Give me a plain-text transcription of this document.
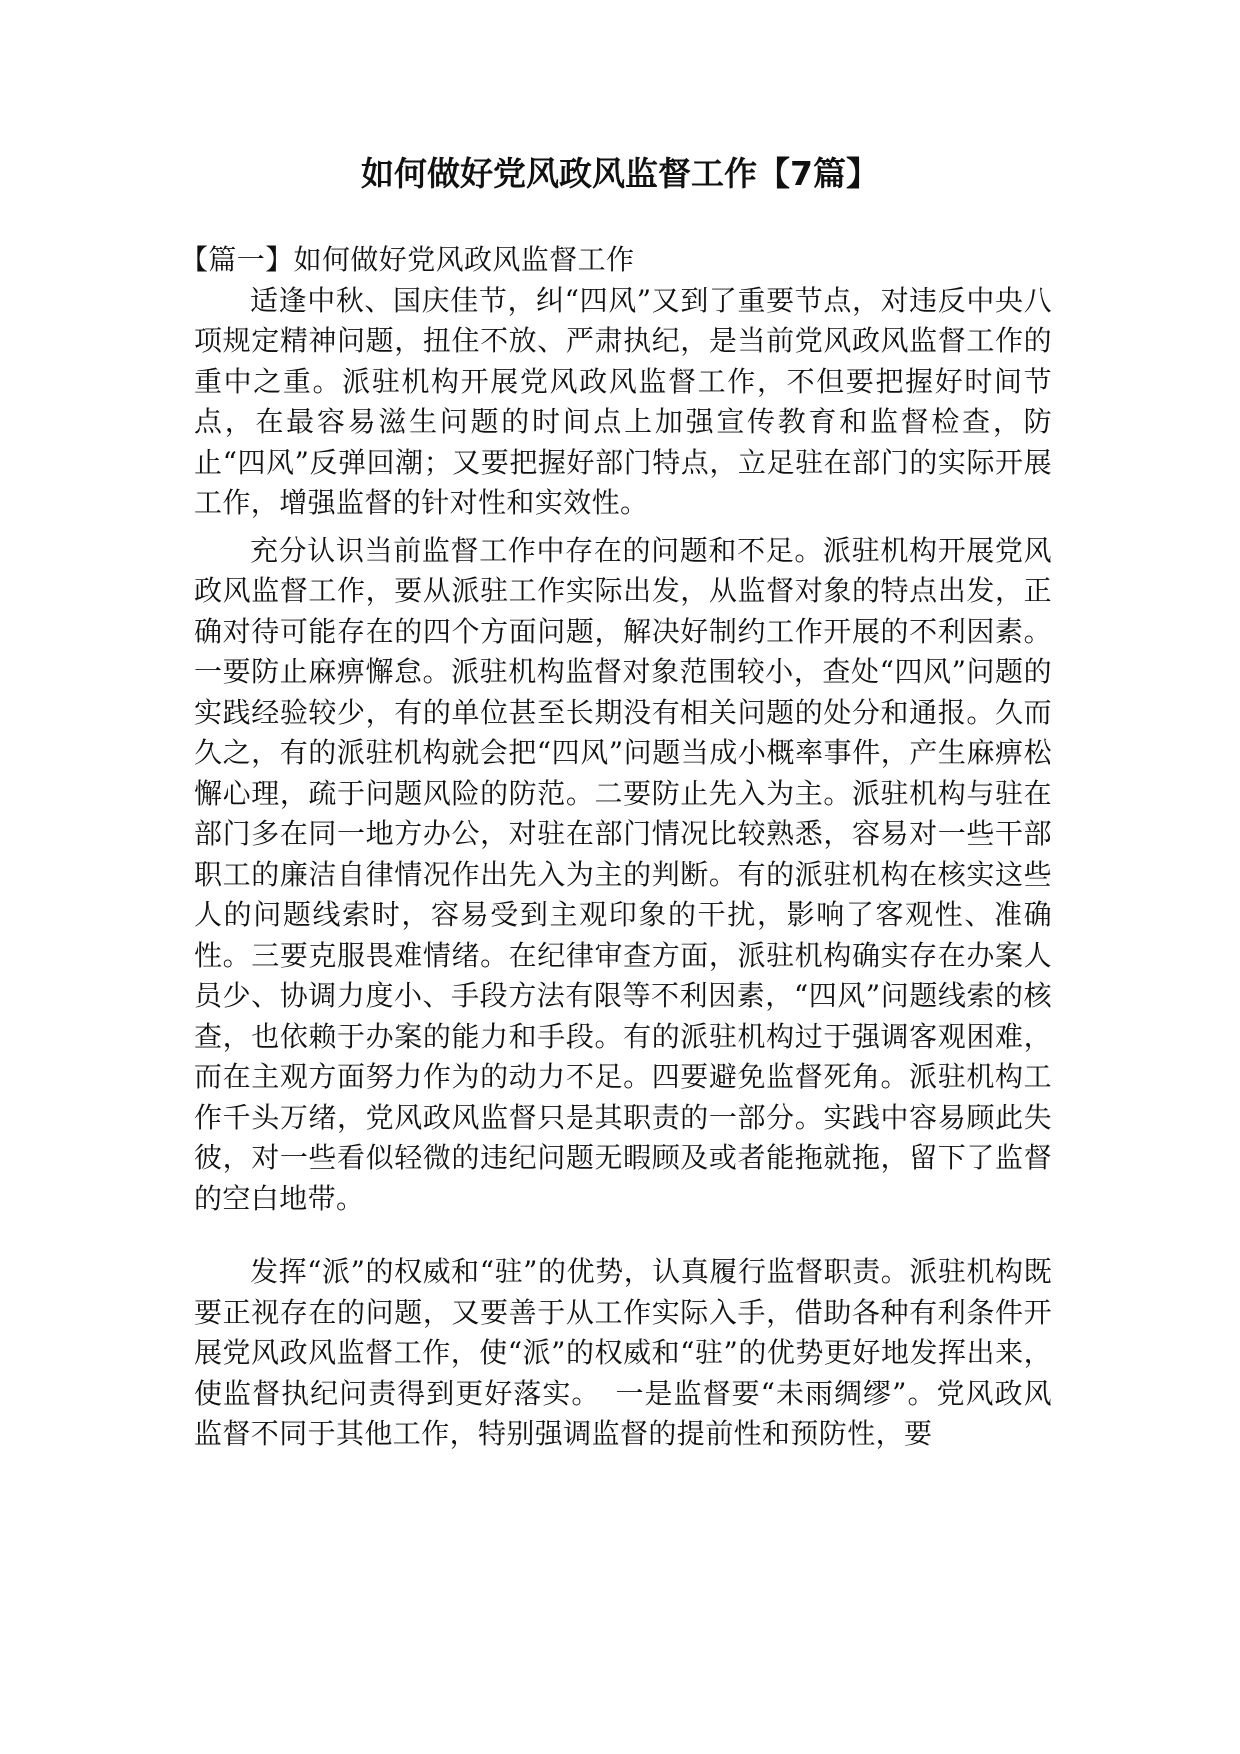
如何做好党风政风监督工作【7篇】

【篇一】如何做好党风政风监督工作

适逢中秋、国庆佳节，纠“四风”又到了重要节点，对违反中央八项规定精神问题，扭住不放、严肃执纪，是当前党风政风监督工作的重中之重。派驻机构开展党风政风监督工作，不但要把握好时间节点，在最容易滋生问题的时间点上加强宣传教育和监督检查，防止“四风”反弹回潮；又要把握好部门特点，立足驻在部门的实际开展工作，增强监督的针对性和实效性。

充分认识当前监督工作中存在的问题和不足。派驻机构开展党风政风监督工作，要从派驻工作实际出发，从监督对象的特点出发，正确对待可能存在的四个方面问题，解决好制约工作开展的不利因素。一要防止麻痹懈怠。派驻机构监督对象范围较小，查处“四风”问题的实践经验较少，有的单位甚至长期没有相关问题的处分和通报。久而久之，有的派驻机构就会把“四风”问题当成小概率事件，产生麻痹松懈心理，疏于问题风险的防范。二要防止先入为主。派驻机构与驻在部门多在同一地方办公，对驻在部门情况比较熟悉，容易对一些干部职工的廉洁自律情况作出先入为主的判断。有的派驻机构在核实这些人的问题线索时，容易受到主观印象的干扰，影响了客观性、准确性。三要克服畏难情绪。在纪律审查方面，派驻机构确实存在办案人员少、协调力度小、手段方法有限等不利因素，“四风”问题线索的核查，也依赖于办案的能力和手段。有的派驻机构过于强调客观困难，而在主观方面努力作为的动力不足。四要避免监督死角。派驻机构工作千头万绪，党风政风监督只是其职责的一部分。实践中容易顾此失彼，对一些看似轻微的违纪问题无暇顾及或者能拖就拖，留下了监督的空白地带。

发挥“派”的权威和“驻”的优势，认真履行监督职责。派驻机构既要正视存在的问题，又要善于从工作实际入手，借助各种有利条件开展党风政风监督工作，使“派”的权威和“驻”的优势更好地发挥出来，使监督执纪问责得到更好落实。　一是监督要“未雨绸缪”。党风政风监督不同于其他工作，特别强调监督的提前性和预防性，要
